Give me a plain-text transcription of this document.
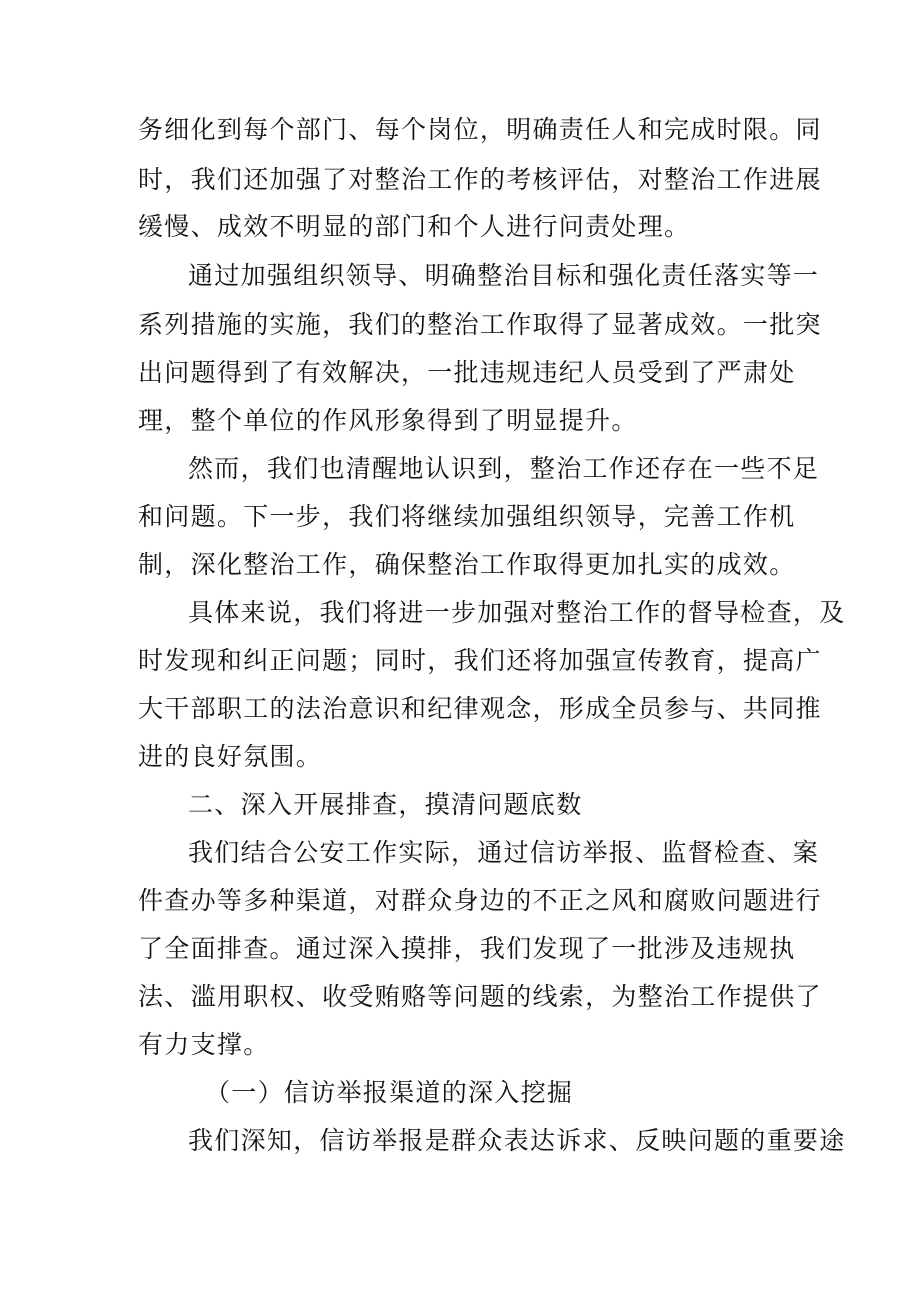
务细化到每个部门、每个岗位，明确责任人和完成时限。同
时，我们还加强了对整治工作的考核评估，对整治工作进展
缓慢、成效不明显的部门和个人进行问责处理。
通过加强组织领导、明确整治目标和强化责任落实等一
系列措施的实施，我们的整治工作取得了显著成效。一批突
出问题得到了有效解决，一批违规违纪人员受到了严肃处
理，整个单位的作风形象得到了明显提升。
然而，我们也清醒地认识到，整治工作还存在一些不足
和问题。下一步，我们将继续加强组织领导，完善工作机
制，深化整治工作，确保整治工作取得更加扎实的成效。
具体来说，我们将进一步加强对整治工作的督导检查，及
时发现和纠正问题；同时，我们还将加强宣传教育，提高广
大干部职工的法治意识和纪律观念，形成全员参与、共同推
进的良好氛围。
二、深入开展排查，摸清问题底数
我们结合公安工作实际，通过信访举报、监督检查、案
件查办等多种渠道，对群众身边的不正之风和腐败问题进行
了全面排查。通过深入摸排，我们发现了一批涉及违规执
法、滥用职权、收受贿赂等问题的线索，为整治工作提供了
有力支撑。
（一）信访举报渠道的深入挖掘
我们深知，信访举报是群众表达诉求、反映问题的重要途
